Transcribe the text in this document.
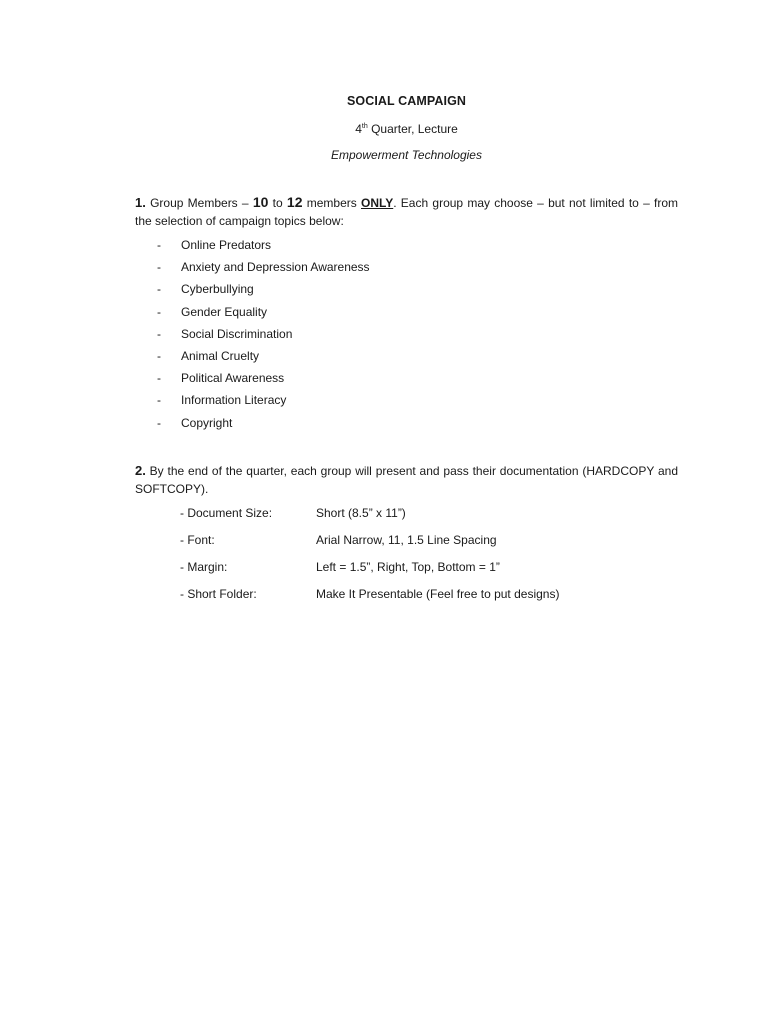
SOCIAL CAMPAIGN
4th Quarter, Lecture
Empowerment Technologies
1. Group Members – 10 to 12 members ONLY. Each group may choose – but not limited to – from the selection of campaign topics below:
-	Online Predators
-	Anxiety and Depression Awareness
-	Cyberbullying
-	Gender Equality
-	Social Discrimination
-	Animal Cruelty
-	Political Awareness
-	Information Literacy
-	Copyright
2. By the end of the quarter, each group will present and pass their documentation (HARDCOPY and SOFTCOPY).
- Document Size:	Short (8.5” x 11”)
- Font:	Arial Narrow, 11, 1.5 Line Spacing
- Margin:	Left = 1.5”, Right, Top, Bottom = 1”
- Short Folder:	Make It Presentable (Feel free to put designs)
